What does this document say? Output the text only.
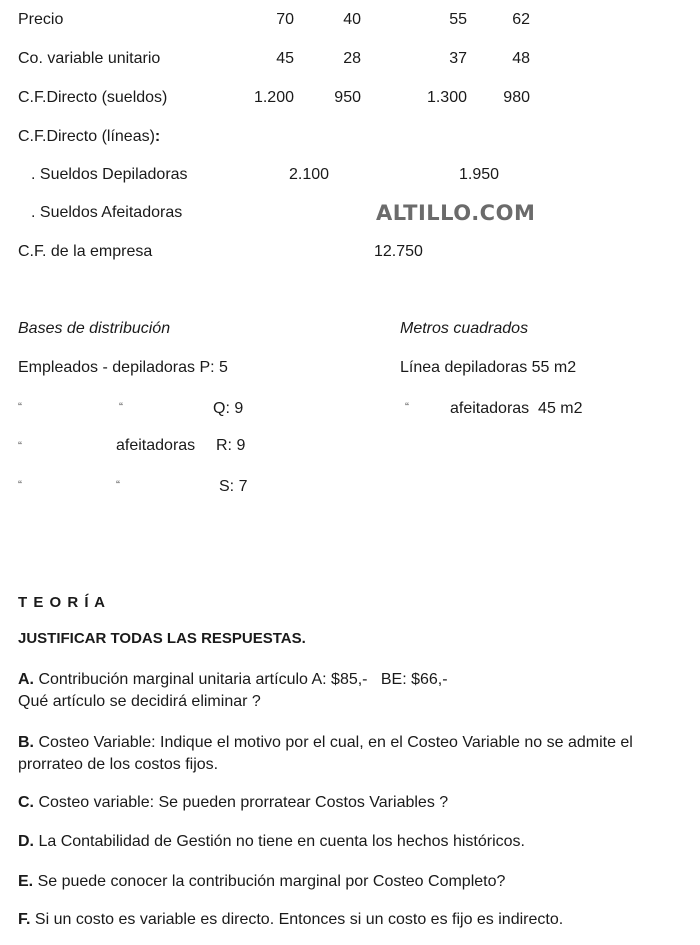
Precio	70	40	55	62
Co. variable unitario	45	28	37	48
C.F.Directo (sueldos)	1.200	950	1.300	980
C.F.Directo (líneas):
. Sueldos Depiladoras	2.100	1.950
. Sueldos Afeitadoras	ALTILLO.COM
C.F. de la empresa	12.750
Bases de distribución
Empleados - depiladoras P: 5
“	“	Q: 9
“	afeitadoras R: 9
“	“	S: 7
Metros cuadrados
Línea depiladoras 55 m2
“	afeitadoras  45 m2
T E O R Í A
JUSTIFICAR TODAS LAS RESPUESTAS.
A. Contribución marginal unitaria artículo A: $85,-   BE: $66,-
Qué artículo se decidirá eliminar ?
B. Costeo Variable: Indique el motivo por el cual, en el Costeo Variable no se admite el prorrateo de los costos fijos.
C. Costeo variable: Se pueden prorratear Costos Variables ?
D. La Contabilidad de Gestión no tiene en cuenta los hechos históricos.
E. Se puede conocer la contribución marginal por Costeo Completo?
F. Si un costo es variable es directo. Entonces si un costo es fijo es indirecto.
